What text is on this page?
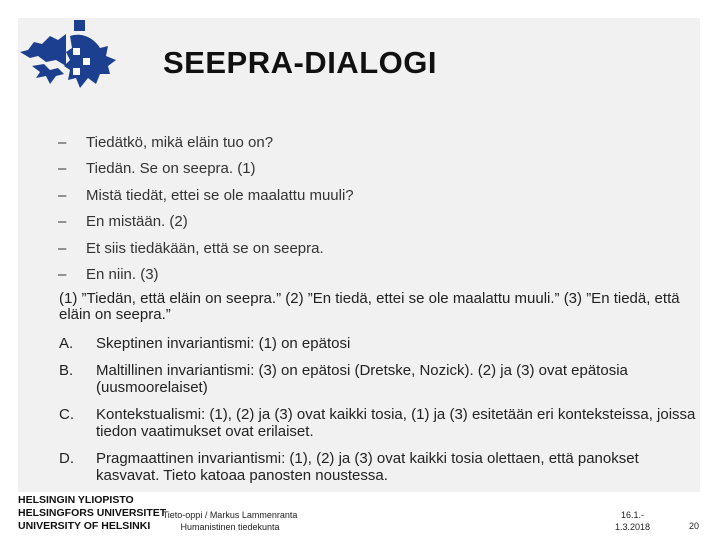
SEEPRA-DIALOGI
– Tiedätkö, mikä eläin tuo on?
– Tiedän. Se on seepra. (1)
– Mistä tiedät, ettei se ole maalattu muuli?
– En mistään. (2)
– Et siis tiedäkään, että se on seepra.
– En niin. (3)
(1) ”Tiedän, että eläin on seepra.” (2) ”En tiedä, ettei se ole maalattu muuli.” (3) ”En tiedä, että eläin on seepra.”
A. Skeptinen invariantismi: (1) on epätosi
B. Maltillinen invariantismi: (3) on epätosi (Dretske, Nozick). (2) ja (3) ovat epätosia (uusmoorelaiset)
C. Kontekstualismi: (1), (2) ja (3) ovat kaikki tosia, (1) ja (3) esitetään eri konteksteissa, joissa tiedon vaatimukset ovat erilaiset.
D. Pragmaattinen invariantismi: (1), (2) ja (3) ovat kaikki tosia olettaen, että panokset kasvavat. Tieto katoaa panosten noustessa.
HELSINGIN YLIOPISTO
HELSINGFORS UNIVERSITET
UNIVERSITY OF HELSINKI
Tieto-oppi / Markus Lammenranta
Humanistinen tiedekunta
16.1.-
1.3.2018	20
